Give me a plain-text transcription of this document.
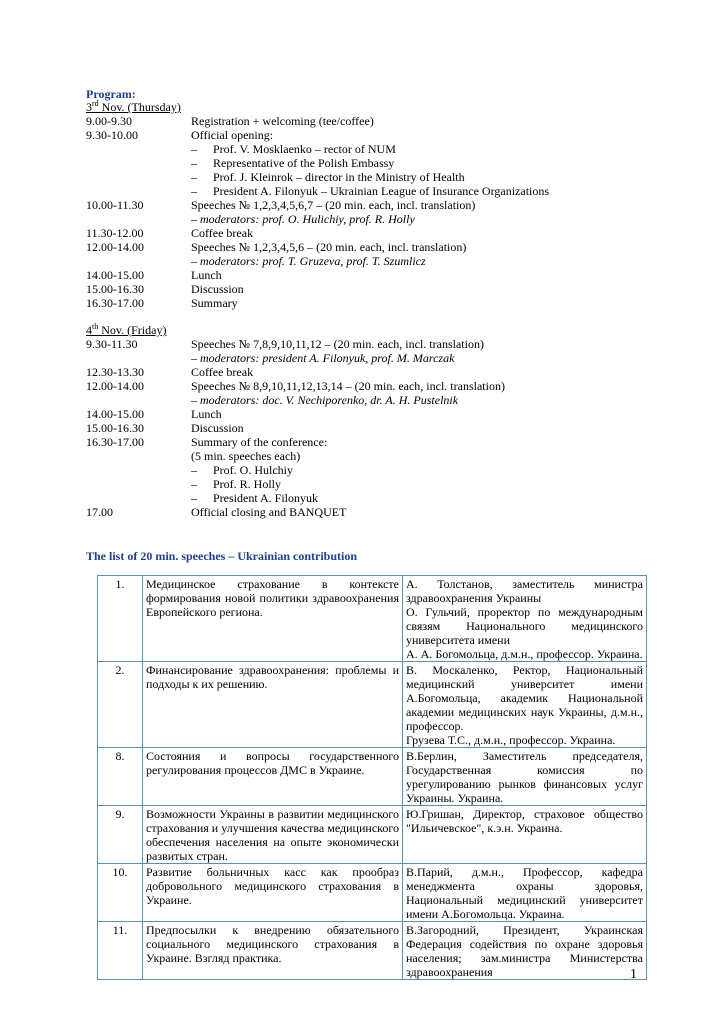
Program:
3rd Nov. (Thursday)
9.00-9.30	Registration + welcoming (tee/coffee)
9.30-10.00	Official opening:
– Prof. V. Mosklaenko – rector of NUM
– Representative of the Polish Embassy
– Prof. J. Kleinrok – director in the Ministry of Health
– President A. Filonyuk – Ukrainian League of Insurance Organizations
10.00-11.30	Speeches № 1,2,3,4,5,6,7 – (20 min. each, incl. translation)
– moderators: prof. O. Hulichiy, prof. R. Holly
11.30-12.00	Coffee break
12.00-14.00	Speeches № 1,2,3,4,5,6 – (20 min. each, incl. translation)
– moderators: prof. T. Gruzeva, prof. T. Szumlicz
14.00-15.00	Lunch
15.00-16.30	Discussion
16.30-17.00	Summary
4th Nov. (Friday)
9.30-11.30	Speeches № 7,8,9,10,11,12 – (20 min. each, incl. translation)
– moderators: president A. Filonyuk, prof. M. Marczak
12.30-13.30	Coffee break
12.00-14.00	Speeches № 8,9,10,11,12,13,14 – (20 min. each, incl. translation)
– moderators: doc. V. Nechiporenko, dr. A. H. Pustelnik
14.00-15.00	Lunch
15.00-16.30	Discussion
16.30-17.00	Summary of the conference:
(5 min. speeches each)
– Prof. O. Hulchiy
– Prof. R. Holly
– President A. Filonyuk
17.00	Official closing and BANQUET
The list of 20 min. speeches – Ukrainian contribution
1.	Медицинское страхование в контексте формирования новой политики здравоохранения Европейского региона.	А. Толстанов, заместитель министра здравоохранения Украины
О. Гульчий, проректор по международным связям Национального медицинского университета имени
А. А. Богомольца, д.м.н., профессор. Украина.
2.	Финансирование здравоохранения: проблемы и подходы к их решению.	В. Москаленко, Ректор, Национальный медицинский университет имени А.Богомольца, академик Национальной академии медицинских наук Украины, д.м.н., профессор.
Грузева Т.С., д.м.н., профессор. Украина.
8.	Состояния и вопросы государственного регулирования процессов ДМС в Украине.	В.Берлин, Заместитель председателя, Государственная комиссия по урегулированию рынков финансовых услуг Украины. Украина.
9.	Возможности Украины в развитии медицинского страхования и улучшения качества медицинского обеспечения населения на опыте экономически развитых стран.	Ю.Гришан, Директор, страховое общество "Ильичевское", к.э.н. Украина.
10.	Развитие больничных касс как прообраз добровольного медицинского страхования в Украине.	В.Парий, д.м.н., Профессор, кафедра менеджмента охраны здоровья, Национальный медицинский университет имени А.Богомольца. Украина.
11.	Предпосылки к внедрению обязательного социального медицинского страхования в Украине. Взгляд практика.	В.Загородний, Президент, Украинская Федерация содействия по охране здоровья населения; зам.министра Министерства здравоохранения	1
